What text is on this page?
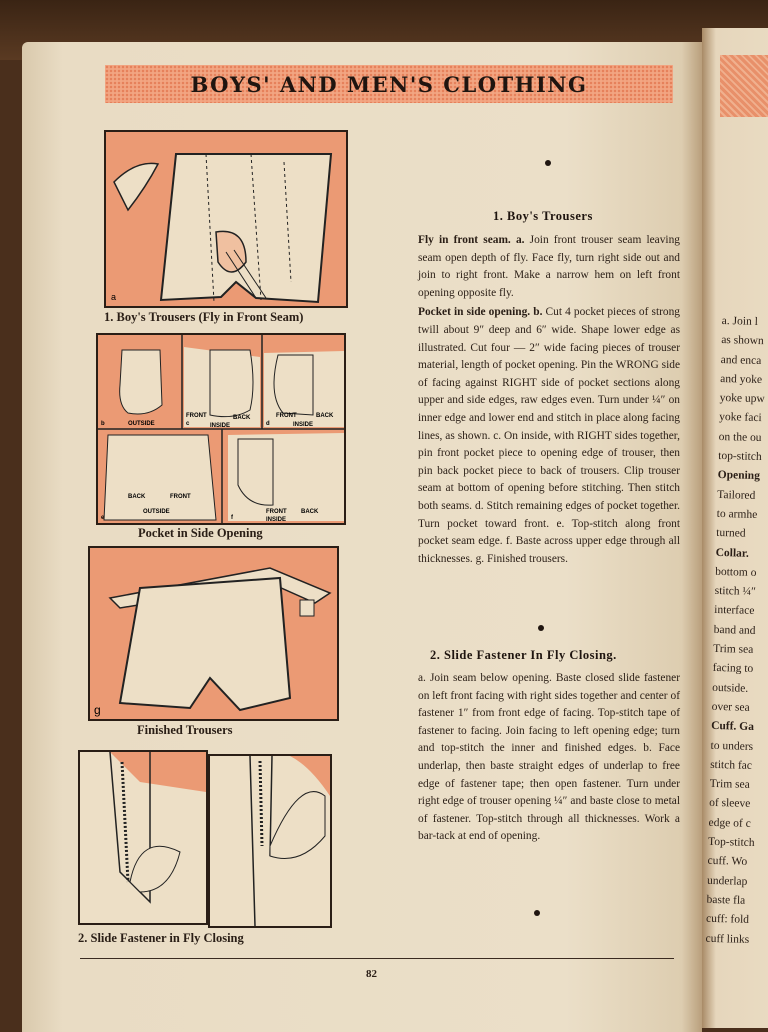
BOYS' AND MEN'S CLOTHING
a
1. Boy's Trousers (Fly in Front Seam)
b	OUTSIDE	c
FRONT	BACK
INSIDE	d
FRONT	BACK
INSIDE
e
BACK	FRONT
OUTSIDE
f
FRONT BACK
INSIDE
Pocket in Side Opening
g
Finished Trousers
2. Slide Fastener in Fly Closing
1. Boy's Trousers

Fly in front seam. a. Join front trouser seam leaving seam open depth of fly. Face fly, turn right side out and join to right front. Make a narrow hem on left front opening opposite fly.

Pocket in side opening. b. Cut 4 pocket pieces of strong twill about 9″ deep and 6″ wide. Shape lower edge as illustrated. Cut four — 2″ wide facing pieces of trouser material, length of pocket opening. Pin the WRONG side of facing against RIGHT side of pocket sections along upper and side edges, raw edges even. Turn under ¼″ on inner edge and lower end and stitch in place along facing lines, as shown. c. On inside, with RIGHT sides together, pin front pocket piece to opening edge of trouser, then pin back pocket piece to back of trousers. Clip trouser seam at bottom of opening before stitching. Then stitch both seams. d. Stitch remaining edges of pocket together. Turn pocket toward front. e. Top-stitch along front pocket seam edge. f. Baste across upper edge through all thicknesses. g. Finished trousers.

2. Slide Fastener In Fly Closing.

a. Join seam below opening. Baste closed slide fastener on left front facing with right sides together and center of fastener 1″ from front edge of facing. Top-stitch tape of fastener to facing. Join facing to left opening edge; turn and top-stitch the inner and finished edges. b. Face underlap, then baste straight edges of underlap to free edge of fastener tape; then open fastener. Turn under right edge of trouser opening ¼″ and baste close to metal of fastener. Top-stitch through all thicknesses. Work a bar-tack at end of opening.

82
a. Join l
as shown
and enca
and yoke
yoke upw
yoke faci
on the ou
top-stitch
Opening
Tailored
to armhe
turned
Collar.
bottom o
stitch ¼″
interface
band and
Trim sea
facing to
outside.
over sea
Cuff. Ga
to unders
stitch fac
Trim sea
of sleeve
edge of c
Top-stitch
cuff. Wo
underlap
baste fla
cuff: fold
cuff links
